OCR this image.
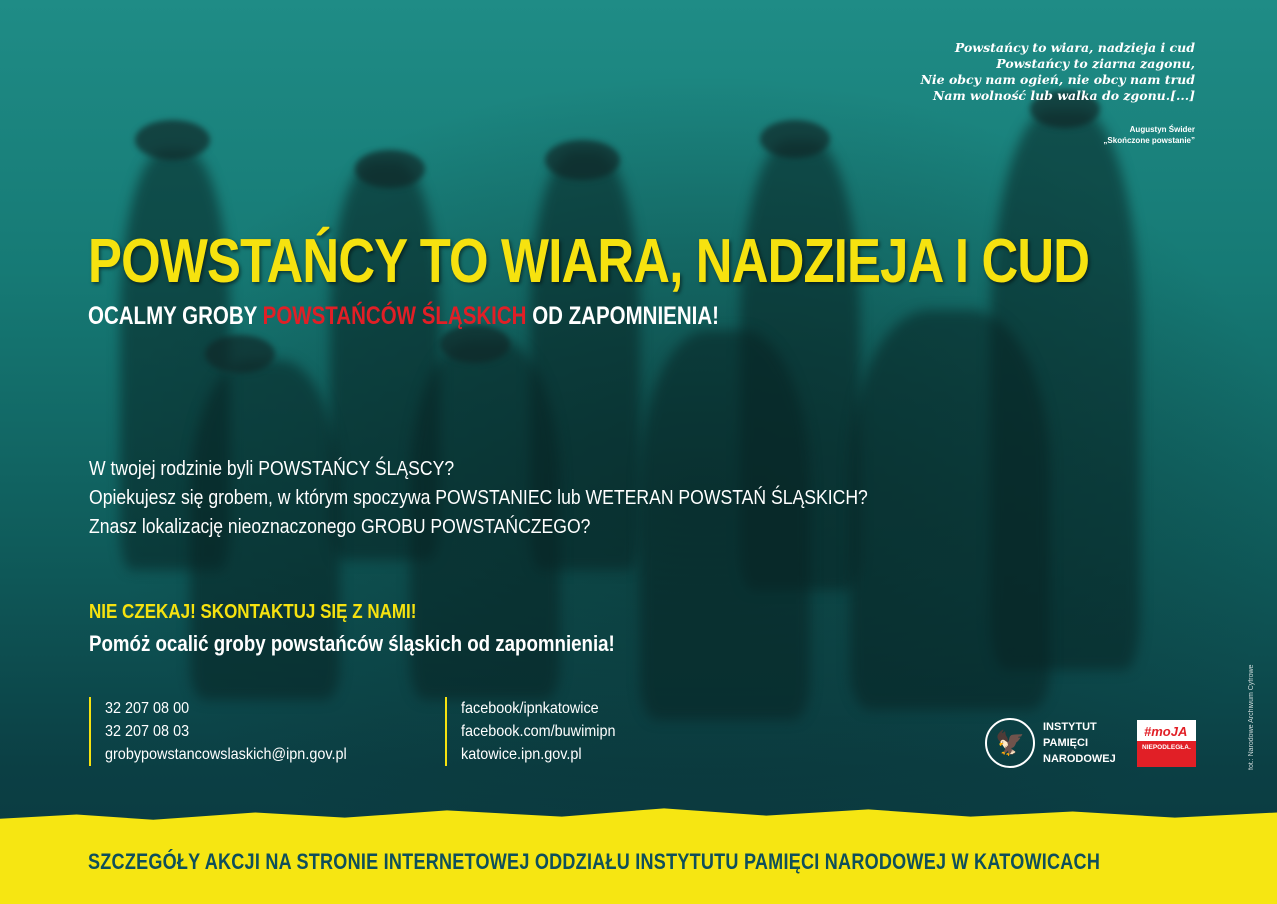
Powstańcy to wiara, nadzieja i cud
Powstańcy to ziarna zagonu,
Nie obcy nam ogień, nie obcy nam trud
Nam wolność lub walka do zgonu.[...]
Augustyn Świder
„Skończone powstanie”
POWSTAŃCY TO WIARA, NADZIEJA I CUD
OCALMY GROBY POWSTAŃCÓW ŚLĄSKICH OD ZAPOMNIENIA!
W twojej rodzinie byli POWSTAŃCY ŚLĄSCY?
Opiekujesz się grobem, w którym spoczywa POWSTANIEC lub WETERAN POWSTAŃ ŚLĄSKICH?
Znasz lokalizację nieoznaczonego GROBU POWSTAŃCZEGO?
NIE CZEKAJ! SKONTAKTUJ SIĘ Z NAMI!
Pomóż ocalić groby powstańców śląskich od zapomnienia!
32 207 08 00
32 207 08 03
grobypowstancowslaskich@ipn.gov.pl
facebook/ipnkatowice
facebook.com/buwimipn
katowice.ipn.gov.pl	🦅
INSTYTUT
PAMIĘCI
NARODOWEJ
#moJA
NIEPODLEGŁA.	fot.: Narodowe Archiwum Cyfrowe
SZCZEGÓŁY AKCJI NA STRONIE INTERNETOWEJ ODDZIAŁU INSTYTUTU PAMIĘCI NARODOWEJ W KATOWICACH
